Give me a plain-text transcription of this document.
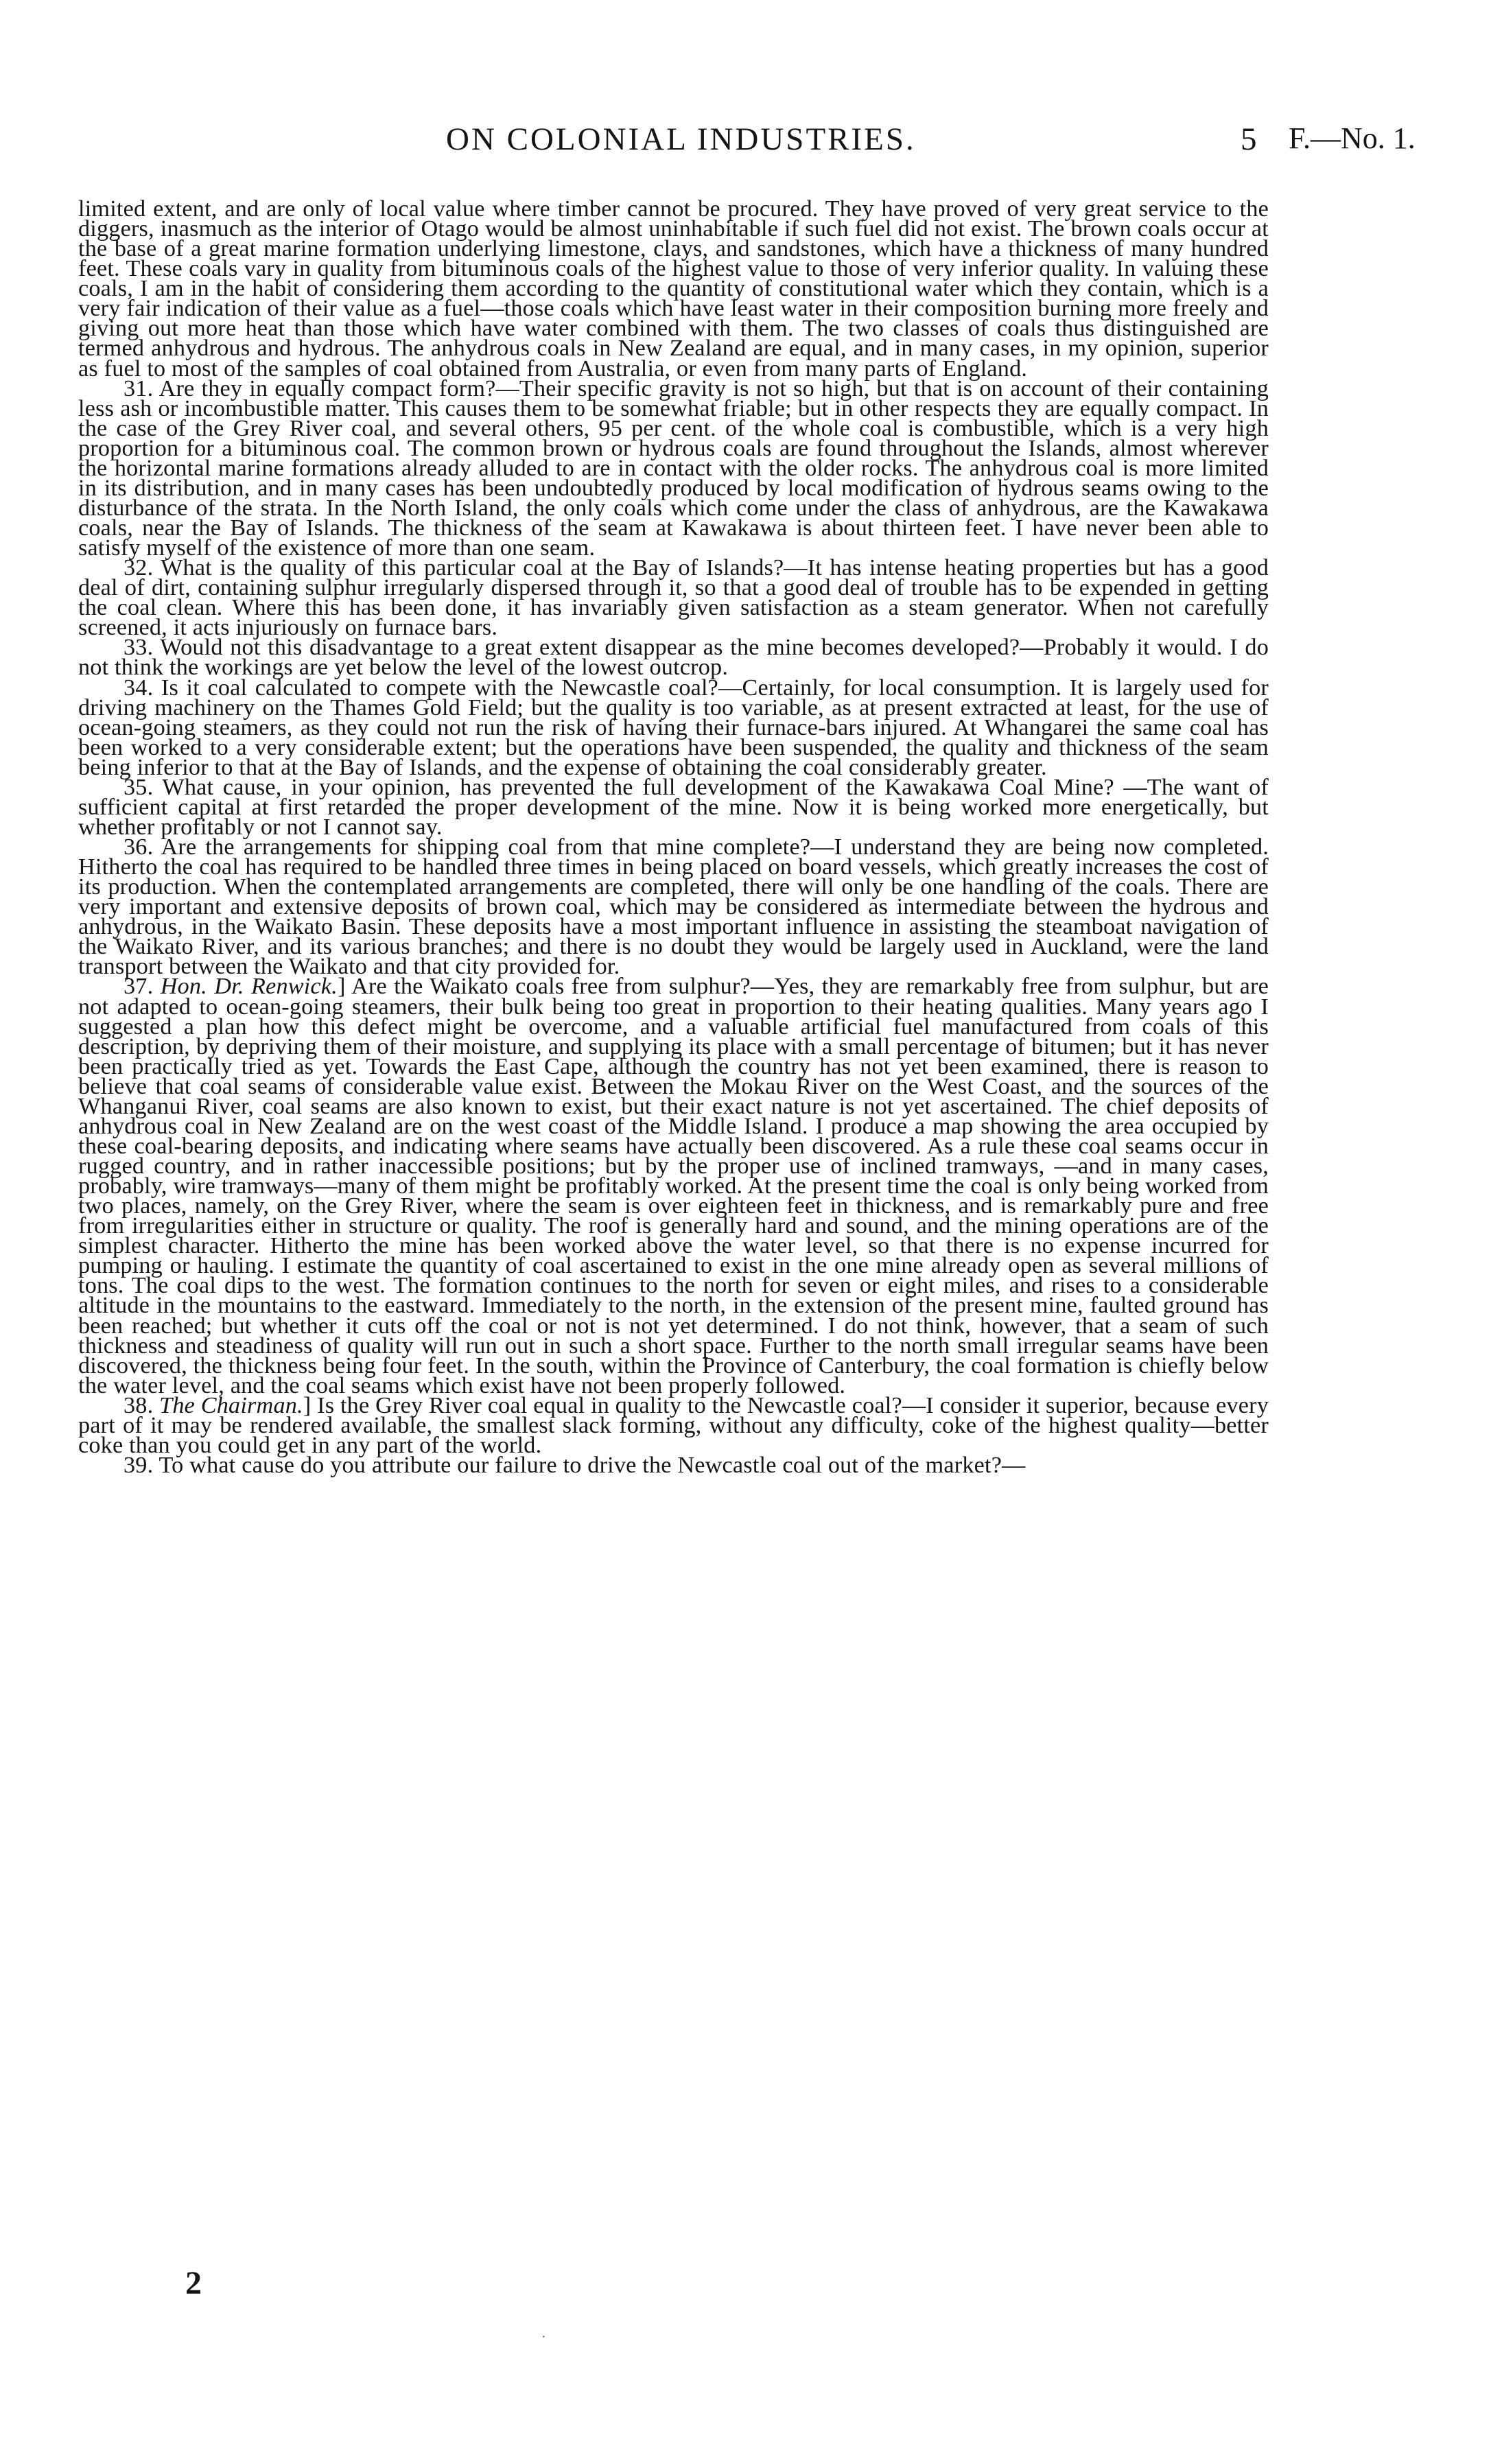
ON COLONIAL INDUSTRIES.	5 F.—No. 1.

limited extent, and are only of local value where timber cannot be procured. They have proved of very great service to the diggers, inasmuch as the interior of Otago would be almost uninhabitable if such fuel did not exist. The brown coals occur at the base of a great marine formation underlying limestone, clays, and sandstones, which have a thickness of many hundred feet. These coals vary in quality from bituminous coals of the highest value to those of very inferior quality. In valuing these coals, I am in the habit of considering them according to the quantity of constitutional water which they contain, which is a very fair indication of their value as a fuel—those coals which have least water in their composition burning more freely and giving out more heat than those which have water combined with them. The two classes of coals thus distinguished are termed anhydrous and hydrous. The anhydrous coals in New Zealand are equal, and in many cases, in my opinion, superior as fuel to most of the samples of coal obtained from Australia, or even from many parts of England.

31. Are they in equally compact form?—Their specific gravity is not so high, but that is on account of their containing less ash or incombustible matter. This causes them to be somewhat friable; but in other respects they are equally compact. In the case of the Grey River coal, and several others, 95 per cent. of the whole coal is combustible, which is a very high proportion for a bituminous coal. The common brown or hydrous coals are found throughout the Islands, almost wherever the horizontal marine formations already alluded to are in contact with the older rocks. The anhydrous coal is more limited in its distribution, and in many cases has been undoubtedly produced by local modification of hydrous seams owing to the disturbance of the strata. In the North Island, the only coals which come under the class of anhydrous, are the Kawakawa coals, near the Bay of Islands. The thickness of the seam at Kawakawa is about thirteen feet. I have never been able to satisfy myself of the existence of more than one seam.

32. What is the quality of this particular coal at the Bay of Islands?—It has intense heating properties but has a good deal of dirt, containing sulphur irregularly dispersed through it, so that a good deal of trouble has to be expended in getting the coal clean. Where this has been done, it has invariably given satisfaction as a steam generator. When not carefully screened, it acts injuriously on furnace bars.

33. Would not this disadvantage to a great extent disappear as the mine becomes developed?—Probably it would. I do not think the workings are yet below the level of the lowest outcrop.

34. Is it coal calculated to compete with the Newcastle coal?—Certainly, for local consumption. It is largely used for driving machinery on the Thames Gold Field; but the quality is too variable, as at present extracted at least, for the use of ocean-going steamers, as they could not run the risk of having their furnace-bars injured. At Whangarei the same coal has been worked to a very considerable extent; but the operations have been suspended, the quality and thickness of the seam being inferior to that at the Bay of Islands, and the expense of obtaining the coal considerably greater.

35. What cause, in your opinion, has prevented the full development of the Kawakawa Coal Mine? —The want of sufficient capital at first retarded the proper development of the mine. Now it is being worked more energetically, but whether profitably or not I cannot say.

36. Are the arrangements for shipping coal from that mine complete?—I understand they are being now completed. Hitherto the coal has required to be handled three times in being placed on board vessels, which greatly increases the cost of its production. When the contemplated arrangements are completed, there will only be one handling of the coals. There are very important and extensive deposits of brown coal, which may be considered as intermediate between the hydrous and anhydrous, in the Waikato Basin. These deposits have a most important influence in assisting the steamboat navigation of the Waikato River, and its various branches; and there is no doubt they would be largely used in Auckland, were the land transport between the Waikato and that city provided for.

37. Hon. Dr. Renwick.] Are the Waikato coals free from sulphur?—Yes, they are remarkably free from sulphur, but are not adapted to ocean-going steamers, their bulk being too great in proportion to their heating qualities. Many years ago I suggested a plan how this defect might be overcome, and a valuable artificial fuel manufactured from coals of this description, by depriving them of their moisture, and supplying its place with a small percentage of bitumen; but it has never been practically tried as yet. Towards the East Cape, although the country has not yet been examined, there is reason to believe that coal seams of considerable value exist. Between the Mokau River on the West Coast, and the sources of the Whanganui River, coal seams are also known to exist, but their exact nature is not yet ascertained. The chief deposits of anhydrous coal in New Zealand are on the west coast of the Middle Island. I produce a map showing the area occupied by these coal-bearing deposits, and indicating where seams have actually been discovered. As a rule these coal seams occur in rugged country, and in rather inaccessible positions; but by the proper use of inclined tramways, —and in many cases, probably, wire tramways—many of them might be profitably worked. At the present time the coal is only being worked from two places, namely, on the Grey River, where the seam is over eighteen feet in thickness, and is remarkably pure and free from irregularities either in structure or quality. The roof is generally hard and sound, and the mining operations are of the simplest character. Hitherto the mine has been worked above the water level, so that there is no expense incurred for pumping or hauling. I estimate the quantity of coal ascertained to exist in the one mine already open as several millions of tons. The coal dips to the west. The formation continues to the north for seven or eight miles, and rises to a considerable altitude in the mountains to the eastward. Immediately to the north, in the extension of the present mine, faulted ground has been reached; but whether it cuts off the coal or not is not yet determined. I do not think, however, that a seam of such thickness and steadiness of quality will run out in such a short space. Further to the north small irregular seams have been discovered, the thickness being four feet. In the south, within the Province of Canterbury, the coal formation is chiefly below the water level, and the coal seams which exist have not been properly followed.

38. The Chairman.] Is the Grey River coal equal in quality to the Newcastle coal?—I consider it superior, because every part of it may be rendered available, the smallest slack forming, without any difficulty, coke of the highest quality—better coke than you could get in any part of the world.

39. To what cause do you attribute our failure to drive the Newcastle coal out of the market?—

2
·
